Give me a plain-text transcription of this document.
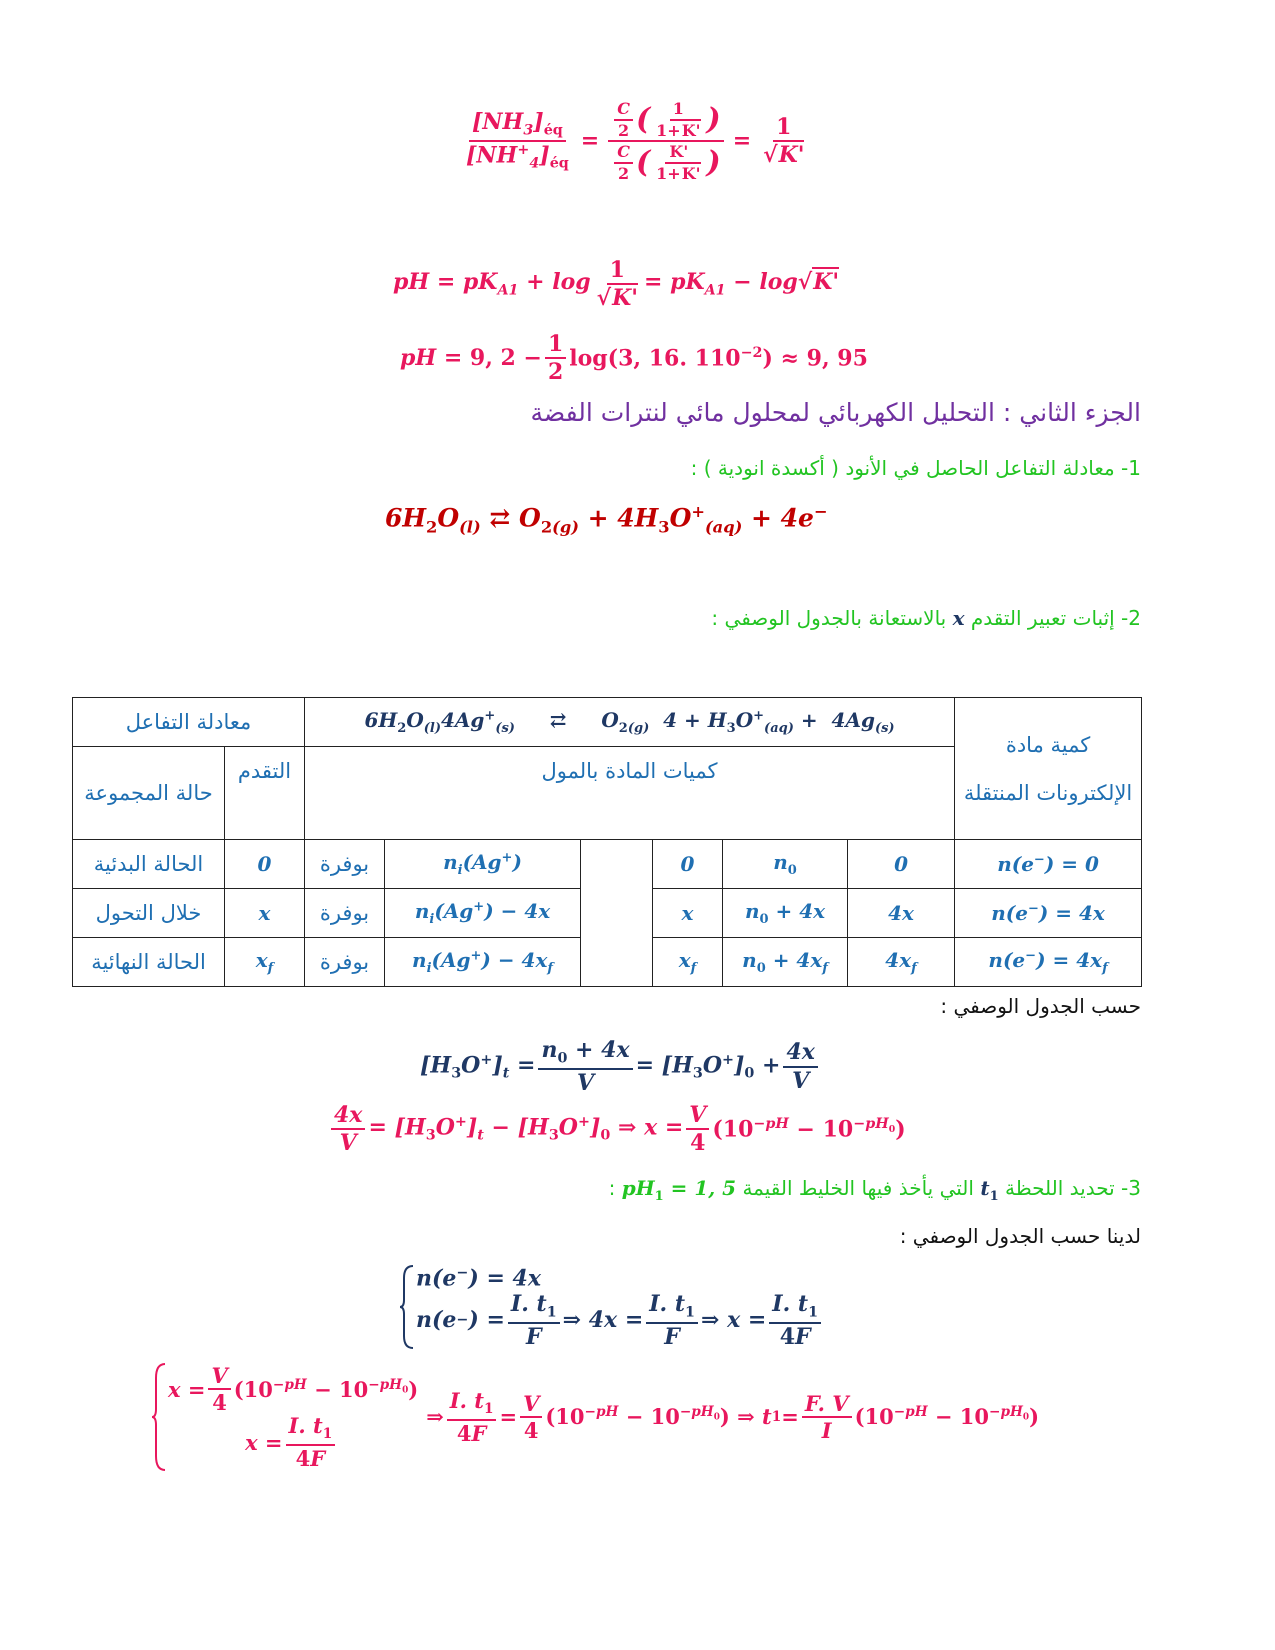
$\frac{[NH_3]_{éq}}{[NH^+_4]_{éq}} = \frac{\frac{C}{2} ( \frac{1}{1+K'} )}{\frac{C}{2} ( \frac{K'}{1+K'} )} = \frac{1}{√K'}$
pH = $pK_{A1} + \log \frac{1}{√K'} = pK_{A1} - \log√K'$
pH = 9, $2 - \frac{1}{2} \log(3$, 16. $110^{-2}) \approx 9$, 95
الجزء الثاني : التحليل الكهربائي لمحلول مائي لنترات الفضة
1- معادلة التفاعل الحاصل في الأنود ( أكسدة انودية ) :
$6H_2O_{(l)}$ ⇄ $O_{2(g)} + 4H_3O^+_{(aq)} + 4e^-$
2- إثبات تعبير التقدم x بالاستعانة بالجدول الوصفي :
معادلة التفاعل		$6H_2O_{(l)}4Ag^+_{(s)}$ ⇄     $O_{2(g)}$  $4 + H_3O^+_{(aq)} + 4Ag_{(s)}$						كمية مادة الإلكترونات المنتقلة
حالة المجموعة	التقدم	كميات المادة بالمول						
الحالة البدئية	0	بوفرة	$n_i(Ag^+)$		0	$n_0$	0	n(e−) = 0
خلال التحول	x	بوفرة	$n_i(Ag^+) - 4x$		x	$n_0 + 4x$	4x	n(e−) = 4x
الحالة النهائية	$x_f$	بوفرة	$n_i(Ag^+) - 4x_f$		$x_f$	$n_0 + 4x_f$	$4x_f$	$n(e^-) = 4x_f$
حسب الجدول الوصفي :
$[H_3O^+]_t = \frac{n_0 + 4x}{V} = [H_3O^+]_0 + \frac{4x}{V}$
$\frac{4x}{V} = [H_3O^+]_t - [H_3O^+]_0$ ⇒ $x = \frac{V}{4} (10^{-pH} - 10^{-pH_0})$
3- تحديد اللحظة $t_1$ التي يأخذ فيها الخليط القيمة $pH_1 = 1$, 5 :
لدينا حسب الجدول الوصفي :
n(e−) = 4x
n(e − ) = $\frac{I. t_1}{F}$ ⇒ $4x = \frac{I. t_1}{F}$ ⇒ $x = \frac{I. t_1}{4F}$
$x = \frac{V}{4} (10^{-pH} - 10^{-pH_0})$
$x = \frac{I. t_1}{4F}$	⇒ $\frac{I. t_1}{4F} = \frac{V}{4} (10^{-pH} - 10^{-pH_0})$ ⇒ t $1 = \frac{F. V}{I} (10^{-pH} - 10^{-pH_0})$
